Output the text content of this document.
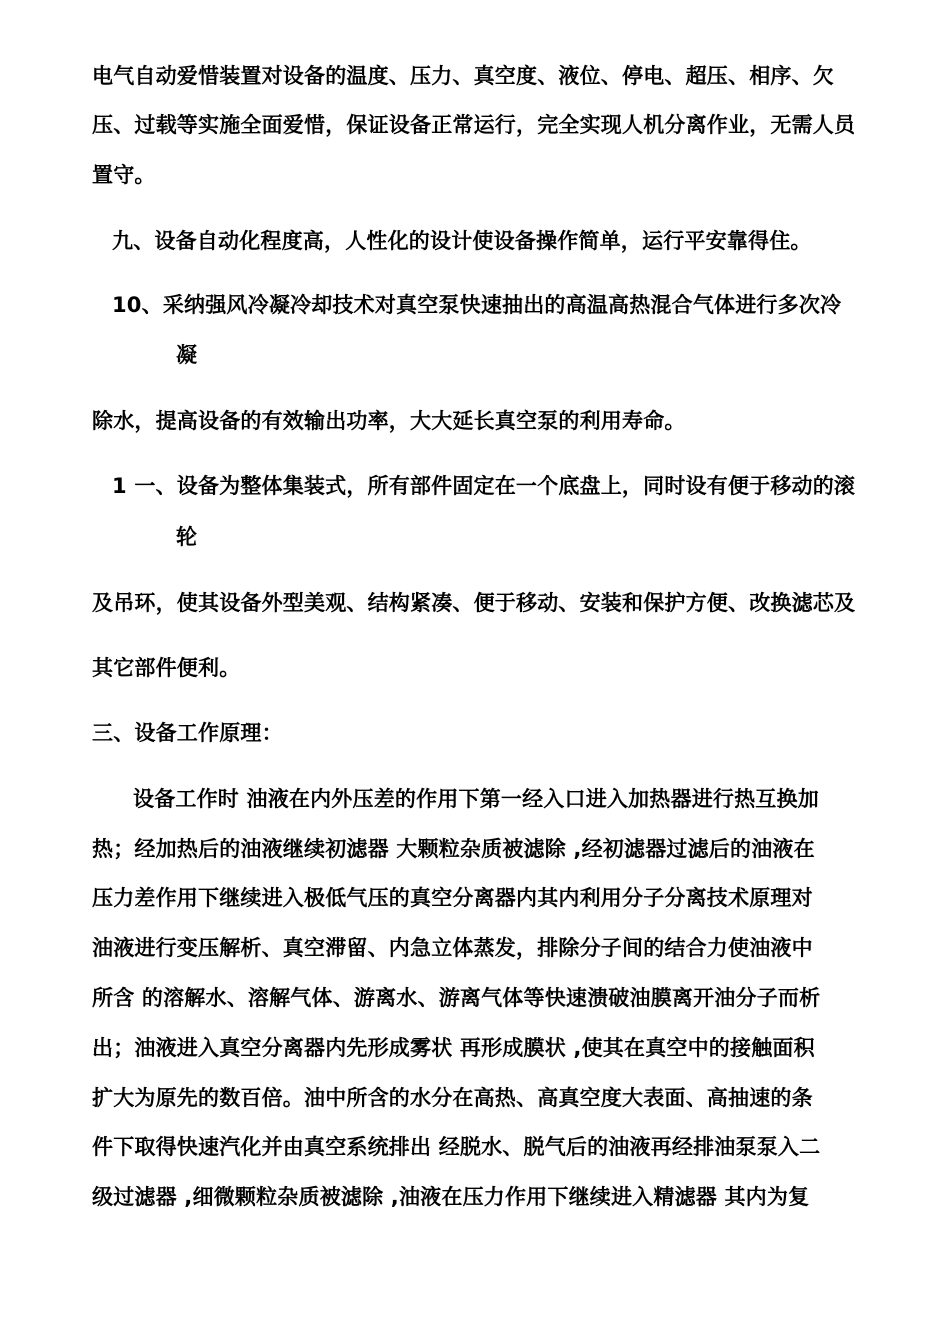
电气自动爱惜装置对设备的温度、压力、真空度、液位、停电、超压、相序、欠
压、过载等实施全面爱惜，保证设备正常运行，完全实现人机分离作业，无需人员
置守。
九、设备自动化程度高，人性化的设计使设备操作简单，运行平安靠得住。
10、采纳强风冷凝冷却技术对真空泵快速抽出的高温高热混合气体进行多次冷
凝
除水，提高设备的有效输出功率，大大延长真空泵的利用寿命。
1 一、设备为整体集装式，所有部件固定在一个底盘上，同时设有便于移动的滚
轮
及吊环，使其设备外型美观、结构紧凑、便于移动、安装和保护方便、改换滤芯及
其它部件便利。
三、设备工作原理：
设备工作时 油液在内外压差的作用下第一经入口进入加热器进行热互换加
热；经加热后的油液继续初滤器 大颗粒杂质被滤除 ,经初滤器过滤后的油液在
压力差作用下继续进入极低气压的真空分离器内其内利用分子分离技术原理对
油液进行变压解析、真空滞留、内急立体蒸发，排除分子间的结合力使油液中
所含 的溶解水、溶解气体、游离水、游离气体等快速溃破油膜离开油分子而析
出；油液进入真空分离器内先形成雾状 再形成膜状 ,使其在真空中的接触面积
扩大为原先的数百倍。油中所含的水分在高热、高真空度大表面、高抽速的条
件下取得快速汽化并由真空系统排出 经脱水、脱气后的油液再经排油泵泵入二
级过滤器 ,细微颗粒杂质被滤除 ,油液在压力作用下继续进入精滤器 其内为复
